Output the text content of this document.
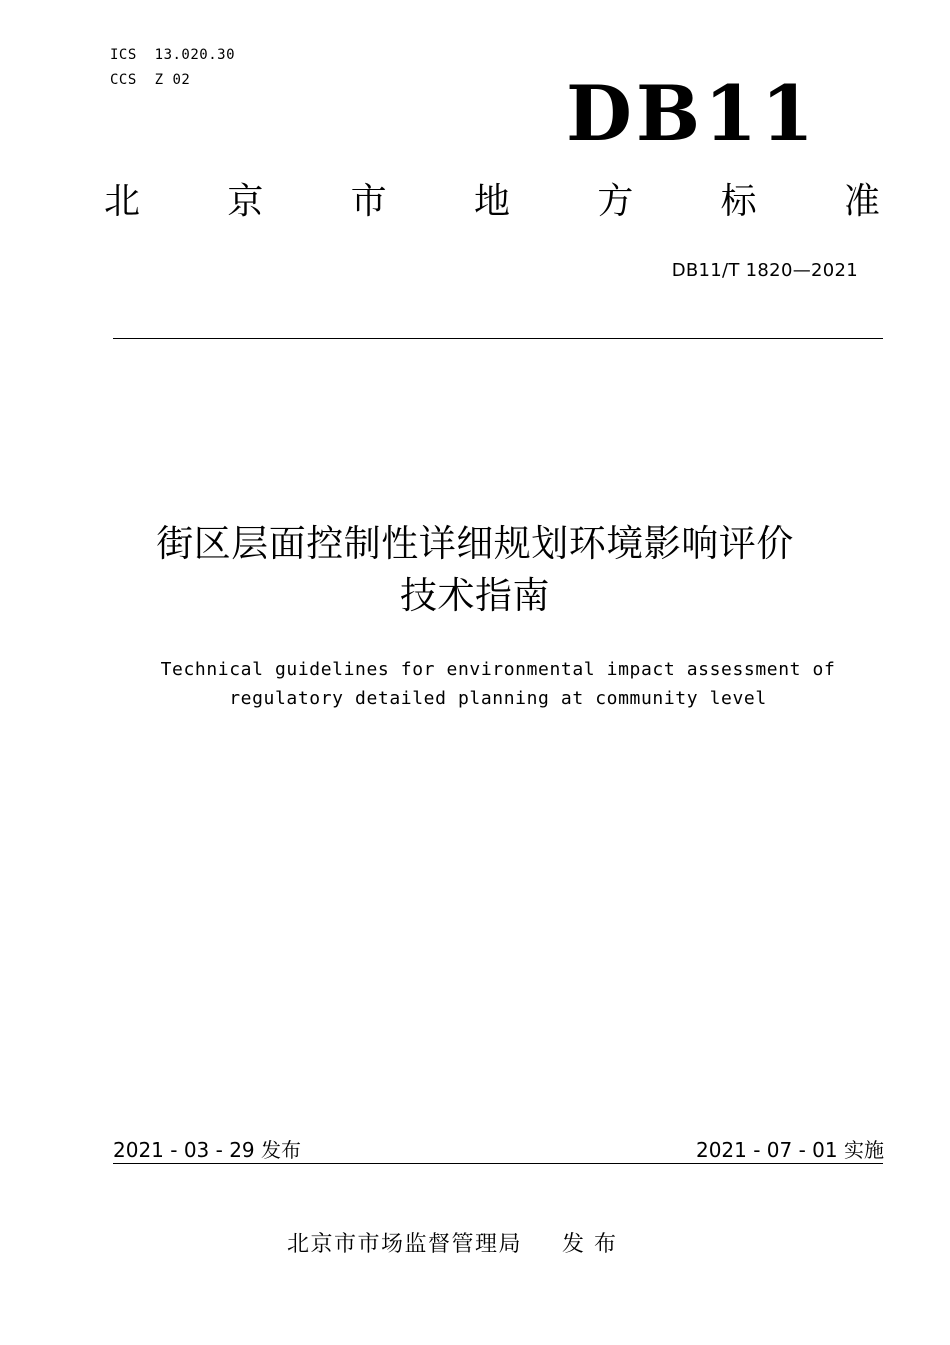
ICS  13.020.30
CCS  Z 02	DB11
北 京 市 地 方 标 准
DB11/T 1820—2021
街区层面控制性详细规划环境影响评价
技术指南
Technical guidelines for environmental impact assessment of
regulatory detailed planning at community level
2021 - 03 - 29 发布	2021 - 07 - 01 实施
北京市市场监督管理局 发布
